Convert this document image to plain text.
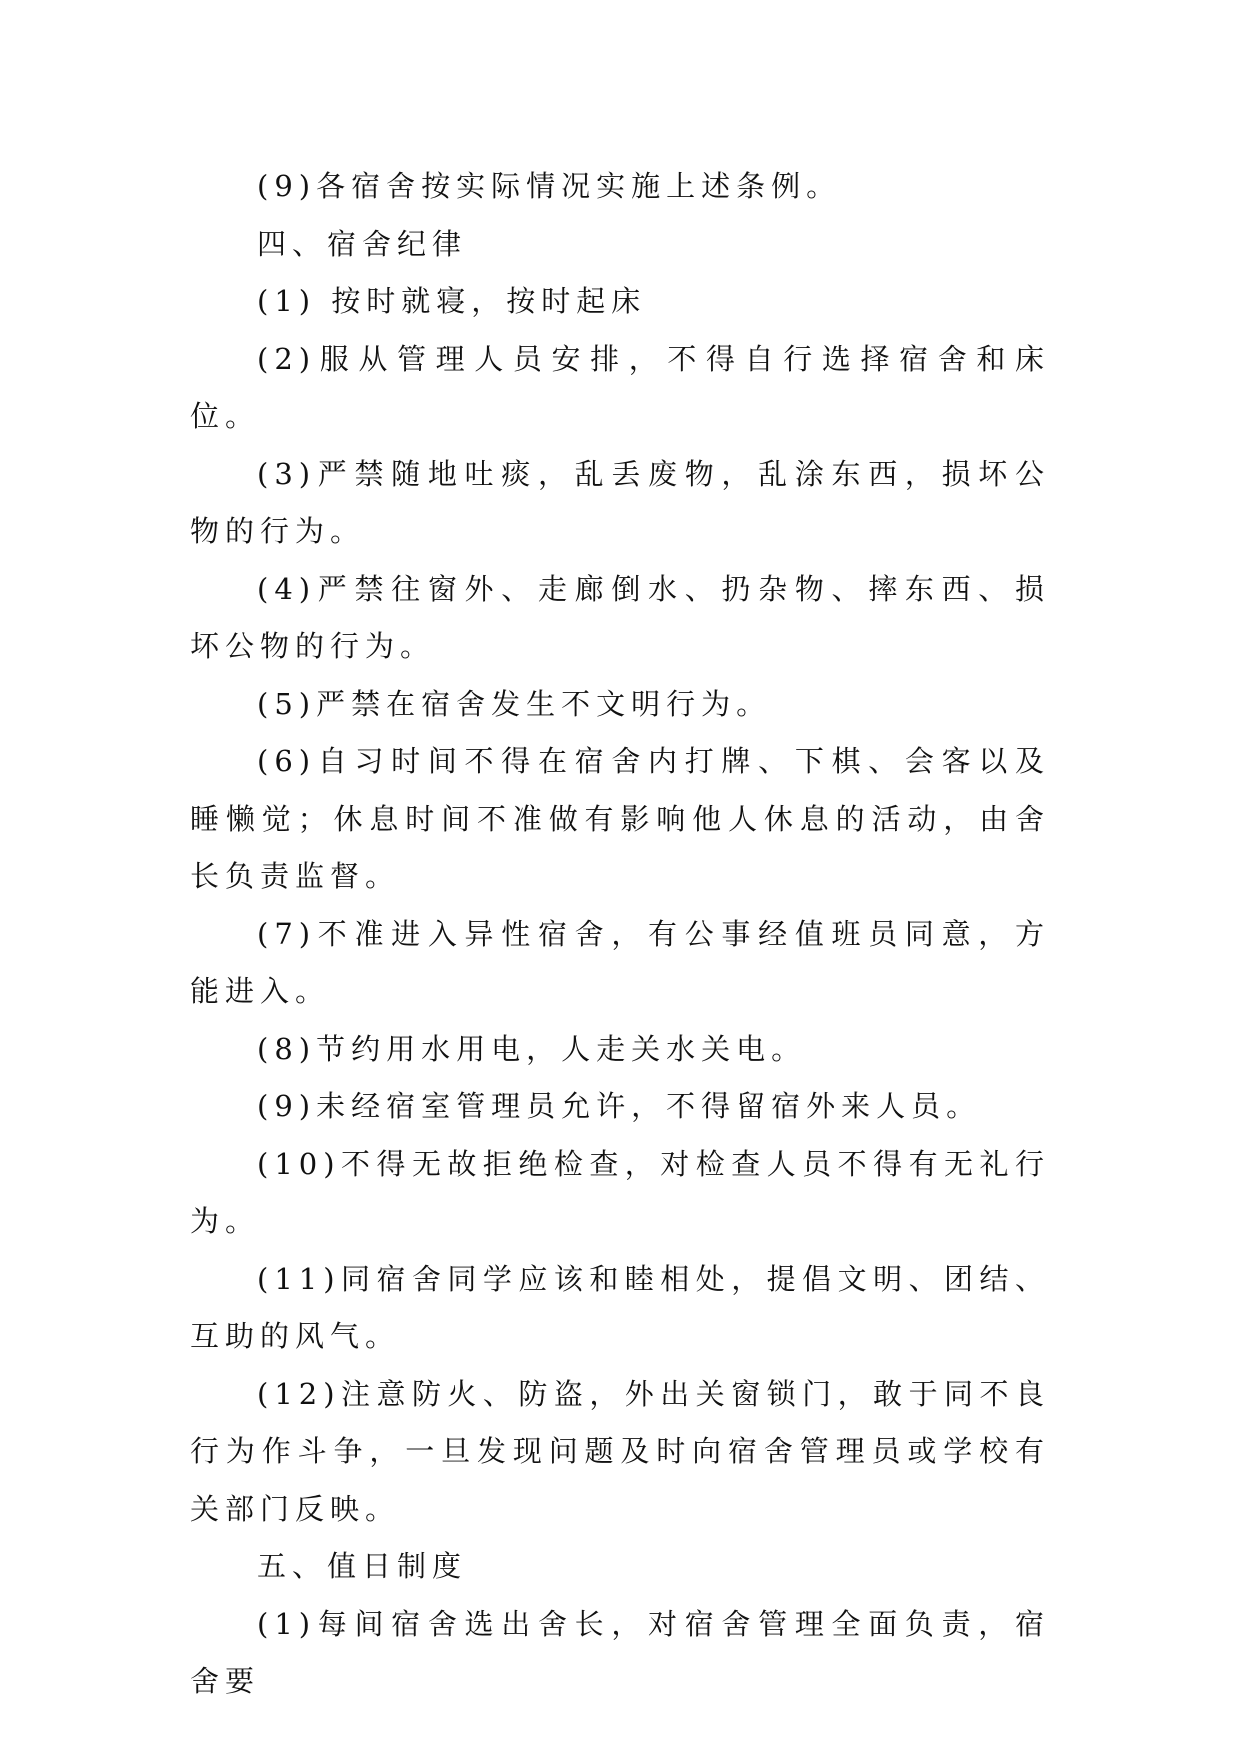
(9)各宿舍按实际情况实施上述条例。

四、宿舍纪律

(1) 按时就寝，按时起床

(2)服从管理人员安排，不得自行选择宿舍和床位。

(3)严禁随地吐痰，乱丢废物，乱涂东西，损坏公物的行为。

(4)严禁往窗外、走廊倒水、扔杂物、摔东西、损坏公物的行为。

(5)严禁在宿舍发生不文明行为。

(6)自习时间不得在宿舍内打牌、下棋、会客以及睡懒觉；休息时间不准做有影响他人休息的活动，由舍长负责监督。

(7)不准进入异性宿舍，有公事经值班员同意，方能进入。

(8)节约用水用电，人走关水关电。

(9)未经宿室管理员允许，不得留宿外来人员。

(10)不得无故拒绝检查，对检查人员不得有无礼行为。

(11)同宿舍同学应该和睦相处，提倡文明、团结、互助的风气。

(12)注意防火、防盗，外出关窗锁门，敢于同不良行为作斗争，一旦发现问题及时向宿舍管理员或学校有关部门反映。

五、值日制度

(1)每间宿舍选出舍长，对宿舍管理全面负责，宿舍要
